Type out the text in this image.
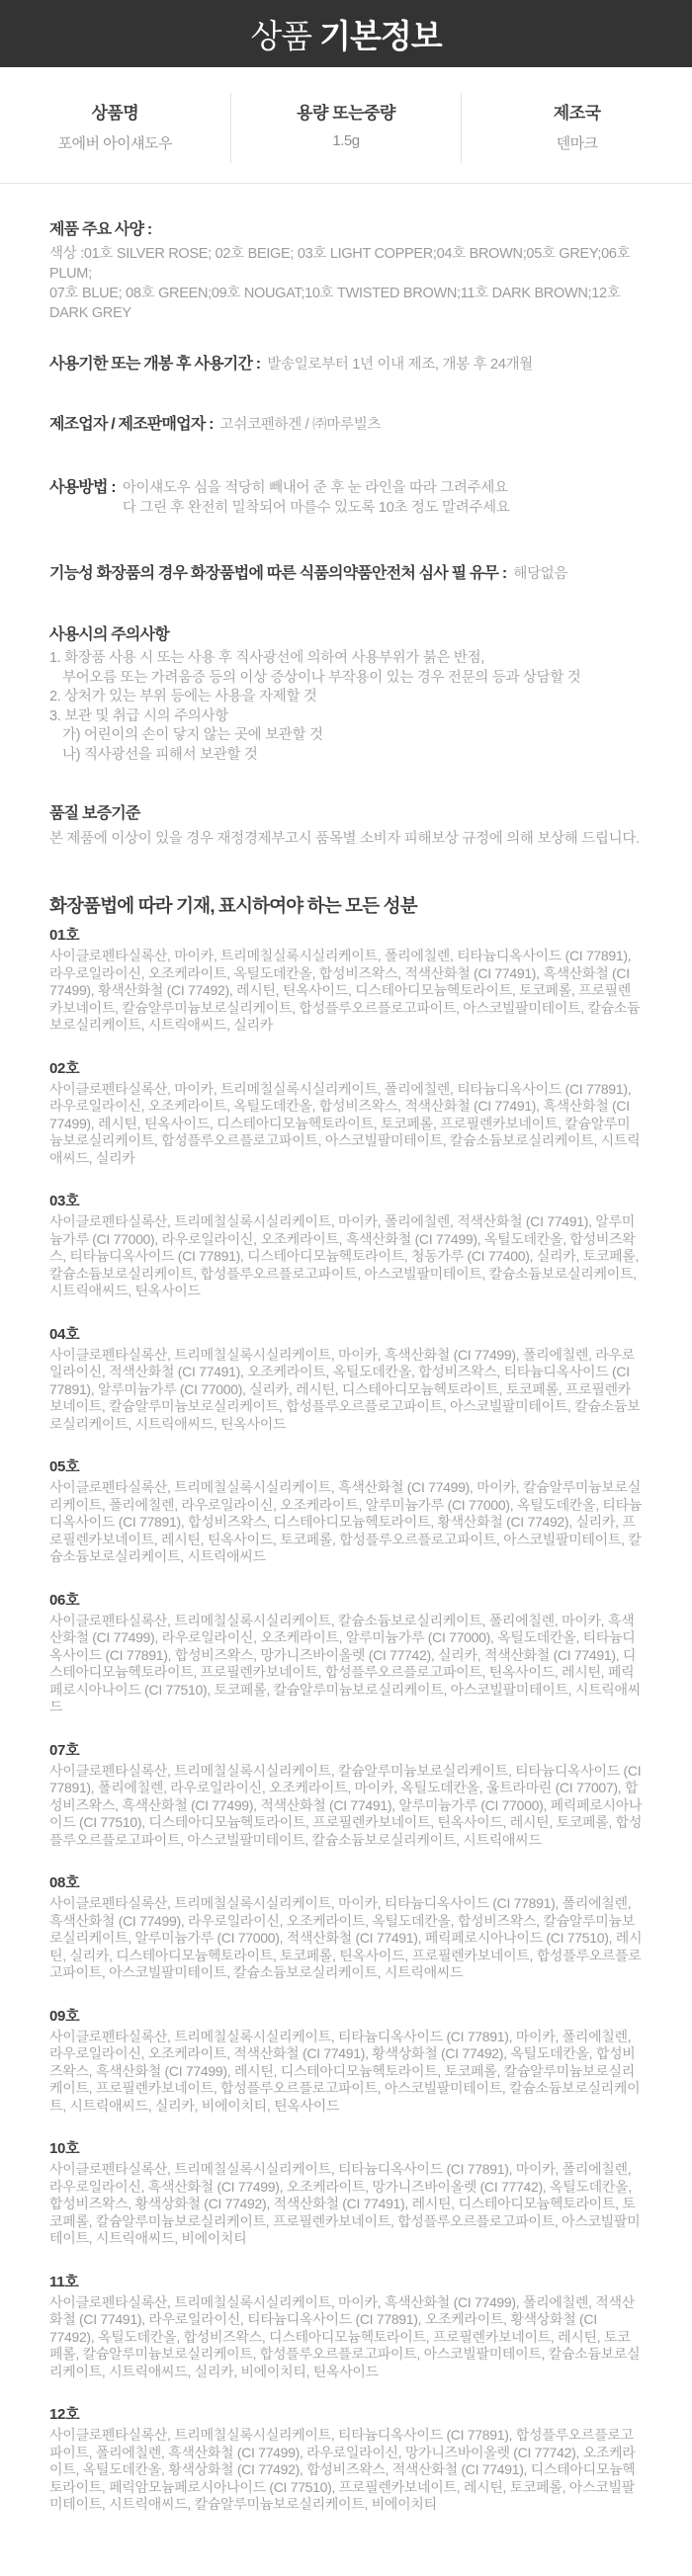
상품 기본정보
상품명
포에버 아이섀도우
용량 또는중량
1.5g
제조국
덴마크
제품 주요 사양 :
색상 :01호 SILVER ROSE; 02호 BEIGE; 03호 LIGHT COPPER;04호 BROWN;05호 GREY;06호 PLUM;
07호 BLUE; 08호 GREEN;09호 NOUGAT;10호 TWISTED BROWN;11호 DARK BROWN;12호 DARK GREY
사용기한 또는 개봉 후 사용기간 : 발송일로부터 1년 이내 제조, 개봉 후 24개월
제조업자 / 제조판매업자 : 고쉬코펜하겐 / ㈜마루빌츠
사용방법 : 아이섀도우 심을 적당히 빼내어 준 후 눈 라인을 따라 그려주세요
다 그린 후 완전히 밀착되어 마를수 있도록 10초 정도 말려주세요
기능성 화장품의 경우 화장품법에 따른 식품의약품안전처 심사 필 유무 : 해당없음
사용시의 주의사항
1. 화장품 사용 시 또는 사용 후 직사광선에 의하여 사용부위가 붉은 반점,
부어오름 또는 가려움증 등의 이상 증상이나 부작용이 있는 경우 전문의 등과 상담할 것
2. 상처가 있는 부위 등에는 사용을 자제할 것
3. 보관 및 취급 시의 주의사항
가) 어린이의 손이 닿지 않는 곳에 보관할 것
나) 직사광선을 피해서 보관할 것
품질 보증기준
본 제품에 이상이 있을 경우 재정경제부고시 품목별 소비자 피해보상 규정에 의해 보상해 드립니다.
화장품법에 따라 기재, 표시하여야 하는 모든 성분
01호
사이클로펜타실록산, 마이카, 트리메칠실록시실리케이트, 폴리에칠렌, 티타늄디옥사이드 (CI 77891), 라우로일라이신, 오조케라이트, 옥틸도데칸올, 합성비즈왁스, 적색산화철 (CI 77491), 흑색산화철 (CI 77499), 황색산화철 (CI 77492), 레시틴, 틴옥사이드, 디스테아디모늄헥토라이트, 토코페롤, 프로필렌카보네이트, 칼슘알루미늄보로실리케이트, 합성플루오르플로고파이트, 아스코빌팔미테이트, 칼슘소듐보로실리케이트, 시트릭애씨드, 실리카
02호
사이클로펜타실록산, 마이카, 트리메칠실록시실리케이트, 폴리에칠렌, 티타늄디옥사이드 (CI 77891), 라우로일라이신, 오조케라이트, 옥틸도데칸올, 합성비즈왁스, 적색산화철 (CI 77491), 흑색산화철 (CI 77499), 레시틴, 틴옥사이드, 디스테아디모늄헥토라이트, 토코페롤, 프로필렌카보네이트, 칼슘알루미늄보로실리케이트, 합성플루오르플로고파이트, 아스코빌팔미테이트, 칼슘소듐보로실리케이트, 시트릭애씨드, 실리카
03호
사이클로펜타실록산, 트리메칠실록시실리케이트, 마이카, 폴리에칠렌, 적색산화철 (CI 77491), 알루미늄가루 (CI 77000), 라우로일라이신, 오조케라이트, 흑색산화철 (CI 77499), 옥틸도데칸올, 합성비즈왁스, 티타늄디옥사이드 (CI 77891), 디스테아디모늄헥토라이트, 청동가루 (CI 77400), 실리카, 토코페롤, 칼슘소듐보로실리케이트, 합성플루오르플로고파이트, 아스코빌팔미테이트, 칼슘소듐보로실리케이트, 시트릭애씨드, 틴옥사이드
04호
사이클로펜타실록산, 트리메칠실록시실리케이트, 마이카, 흑색산화철 (CI 77499), 폴리에칠렌, 라우로일라이신, 적색산화철 (CI 77491), 오조케라이트, 옥틸도데칸올, 합성비즈왁스, 티타늄디옥사이드 (CI 77891), 알루미늄가루 (CI 77000), 실리카, 레시틴, 디스테아디모늄헥토라이트, 토코페롤, 프로필렌카보네이트, 칼슘알루미늄보로실리케이트, 합성플루오르플로고파이트, 아스코빌팔미테이트, 칼슘소듐보로실리케이트, 시트릭애씨드, 틴옥사이드
05호
사이클로펜타실록산, 트리메칠실록시실리케이트, 흑색산화철 (CI 77499), 마이카, 칼슘알루미늄보로실리케이트, 폴리에칠렌, 라우로일라이신, 오조케라이트, 알루미늄가루 (CI 77000), 옥틸도데칸올, 티타늄디옥사이드 (CI 77891), 합성비즈왁스, 디스테아디모늄헥토라이트, 황색산화철 (CI 77492), 실리카, 프로필렌카보네이트, 레시틴, 틴옥사이드, 토코페롤, 합성플루오르플로고파이트, 아스코빌팔미테이트, 칼슘소듐보로실리케이트, 시트릭애씨드
06호
사이클로펜타실록산, 트리메칠실록시실리케이트, 칼슘소듐보로실리케이트, 폴리에칠렌, 마이카, 흑색산화철 (CI 77499), 라우로일라이신, 오조케라이트, 알루미늄가루 (CI 77000), 옥틸도데칸올, 티타늄디옥사이드 (CI 77891), 합성비즈왁스, 망가니즈바이올렛 (CI 77742), 실리카, 적색산화철 (CI 77491), 디스테아디모늄헥토라이트, 프로필렌카보네이트, 합성플루오르플로고파이트, 틴옥사이드, 레시틴, 페릭페로시아나이드 (CI 77510), 토코페롤, 칼슘알루미늄보로실리케이트, 아스코빌팔미테이트, 시트릭애씨드
07호
사이클로펜타실록산, 트리메칠실록시실리케이트, 칼슘알루미늄보로실리케이트, 티타늄디옥사이드 (CI 77891), 폴리에칠렌, 라우로일라이신, 오조케라이트, 마이카, 옥틸도데칸올, 울트라마린 (CI 77007), 합성비즈왁스, 흑색산화철 (CI 77499), 적색산화철 (CI 77491), 알루미늄가루 (CI 77000), 페릭페로시아나이드 (CI 77510), 디스테아디모늄헥토라이트, 프로필렌카보네이트, 틴옥사이드, 레시틴, 토코페롤, 합성플루오르플로고파이트, 아스코빌팔미테이트, 칼슘소듐보로실리케이트, 시트릭애씨드
08호
사이클로펜타실록산, 트리메칠실록시실리케이트, 마이카, 티타늄디옥사이드 (CI 77891), 폴리에칠렌, 흑색산화철 (CI 77499), 라우로일라이신, 오조케라이트, 옥틸도데칸올, 합성비즈왁스, 칼슘알루미늄보로실리케이트, 알루미늄가루 (CI 77000), 적색산화철 (CI 77491), 페릭페로시아나이드 (CI 77510), 레시틴, 실리카, 디스테아디모늄헥토라이트, 토코페롤, 틴옥사이드, 프로필렌카보네이트, 합성플루오르플로고파이트, 아스코빌팔미테이트, 칼슘소듐보로실리케이트, 시트릭애씨드
09호
사이클로펜타실록산, 트리메칠실록시실리케이트, 티타늄디옥사이드 (CI 77891), 마이카, 폴리에칠렌, 라우로일라이신, 오조케라이트, 적색산화철 (CI 77491), 황색상화철 (CI 77492), 옥틸도데칸올, 합성비즈왁스, 흑색산화철 (CI 77499), 레시틴, 디스테아디모늄헥토라이트, 토코페롤, 칼슘알루미늄보로실리케이트, 프로필렌카보네이트, 합성플루오르플로고파이트, 아스코빌팔미테이트, 칼슘소듐보로실리케이트, 시트릭애씨드, 실리카, 비에이치티, 틴옥사이드
10호
사이클로펜타실록산, 트리메칠실록시실리케이트, 티타늄디옥사이드 (CI 77891), 마이카, 폴리에칠렌, 라우로일라이신, 흑색산화철 (CI 77499), 오조케라이트, 망가니즈바이올렛 (CI 77742), 옥틸도데칸올, 합성비즈왁스, 황색상화철 (CI 77492), 적색산화철 (CI 77491), 레시틴, 디스테아디모늄헥토라이트, 토코페롤, 칼슘알루미늄보로실리케이트, 프로필렌카보네이트, 합성플루오르플로고파이트, 아스코빌팔미테이트, 시트릭애씨드, 비에이치티
11호
사이클로펜타실록산, 트리메칠실록시실리케이트, 마이카, 흑색산화철 (CI 77499), 폴리에칠렌, 적색산화철 (CI 77491), 라우로일라이신, 티타늄디옥사이드 (CI 77891), 오조케라이트, 황색상화철 (CI 77492), 옥틸도데칸올, 합성비즈왁스, 디스테아디모늄헥토라이트, 프로필렌카보네이트, 레시틴, 토코페롤, 칼슘알루미늄보로실리케이트, 합성플루오르플로고파이트, 아스코빌팔미테이트, 칼슘소듐보로실리케이트, 시트릭애씨드, 실리카, 비에이치티, 틴옥사이드
12호
사이클로펜타실록산, 트리메칠실록시실리케이트, 티타늄디옥사이드 (CI 77891), 합성플루오르플로고파이트, 폴리에칠렌, 흑색산화철 (CI 77499), 라우로일라이신, 망가니즈바이올렛 (CI 77742), 오조케라이트, 옥틸도데칸올, 황색상화철 (CI 77492), 합성비즈왁스, 적색산화철 (CI 77491), 디스테아디모늄헥토라이트, 페릭암모늄페로시아나이드 (CI 77510), 프로필렌카보네이트, 레시틴, 토코페롤, 아스코빌팔미테이트, 시트릭애씨드, 칼슘알루미늄보로실리케이트, 비에이치티
